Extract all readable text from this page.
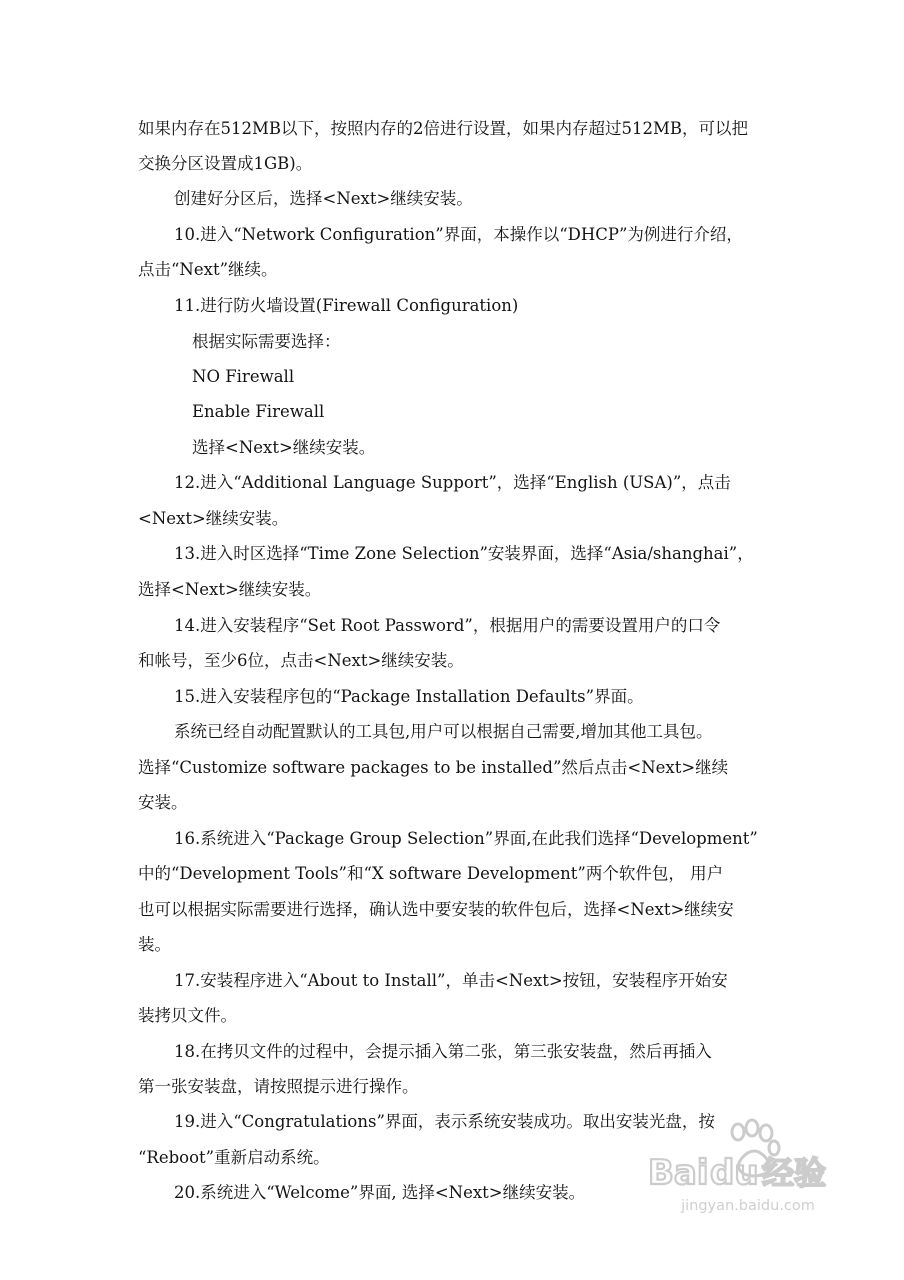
如果内存在512MB以下，按照内存的2倍进行设置，如果内存超过512MB，可以把
交换分区设置成1GB)。
创建好分区后，选择<Next>继续安装。
10.进入“Network Configuration”界面，本操作以“DHCP”为例进行介绍，
点击“Next”继续。
11.进行防火墙设置(Firewall Configuration)
根据实际需要选择：
NO Firewall
Enable Firewall
选择<Next>继续安装。
12.进入“Additional Language Support”，选择“English (USA)”，点击
<Next>继续安装。
13.进入时区选择“Time Zone Selection”安装界面，选择“Asia/shanghai”，
选择<Next>继续安装。
14.进入安装程序“Set Root Password”，根据用户的需要设置用户的口令
和帐号，至少6位，点击<Next>继续安装。
15.进入安装程序包的“Package Installation Defaults”界面。
系统已经自动配置默认的工具包,用户可以根据自己需要,增加其他工具包。
选择“Customize software packages to be installed”然后点击<Next>继续
安装。
16.系统进入“Package Group Selection”界面,在此我们选择“Development”
中的“Development Tools”和“X software Development”两个软件包， 用户
也可以根据实际需要进行选择，确认选中要安装的软件包后，选择<Next>继续安
装。
17.安装程序进入“About to Install”，单击<Next>按钮，安装程序开始安
装拷贝文件。
18.在拷贝文件的过程中，会提示插入第二张，第三张安装盘，然后再插入
第一张安装盘，请按照提示进行操作。
19.进入“Congratulations”界面，表示系统安装成功。取出安装光盘，按
“Reboot”重新启动系统。
20.系统进入“Welcome”界面, 选择<Next>继续安装。 Bai du 经验
jingyan.baidu.com
